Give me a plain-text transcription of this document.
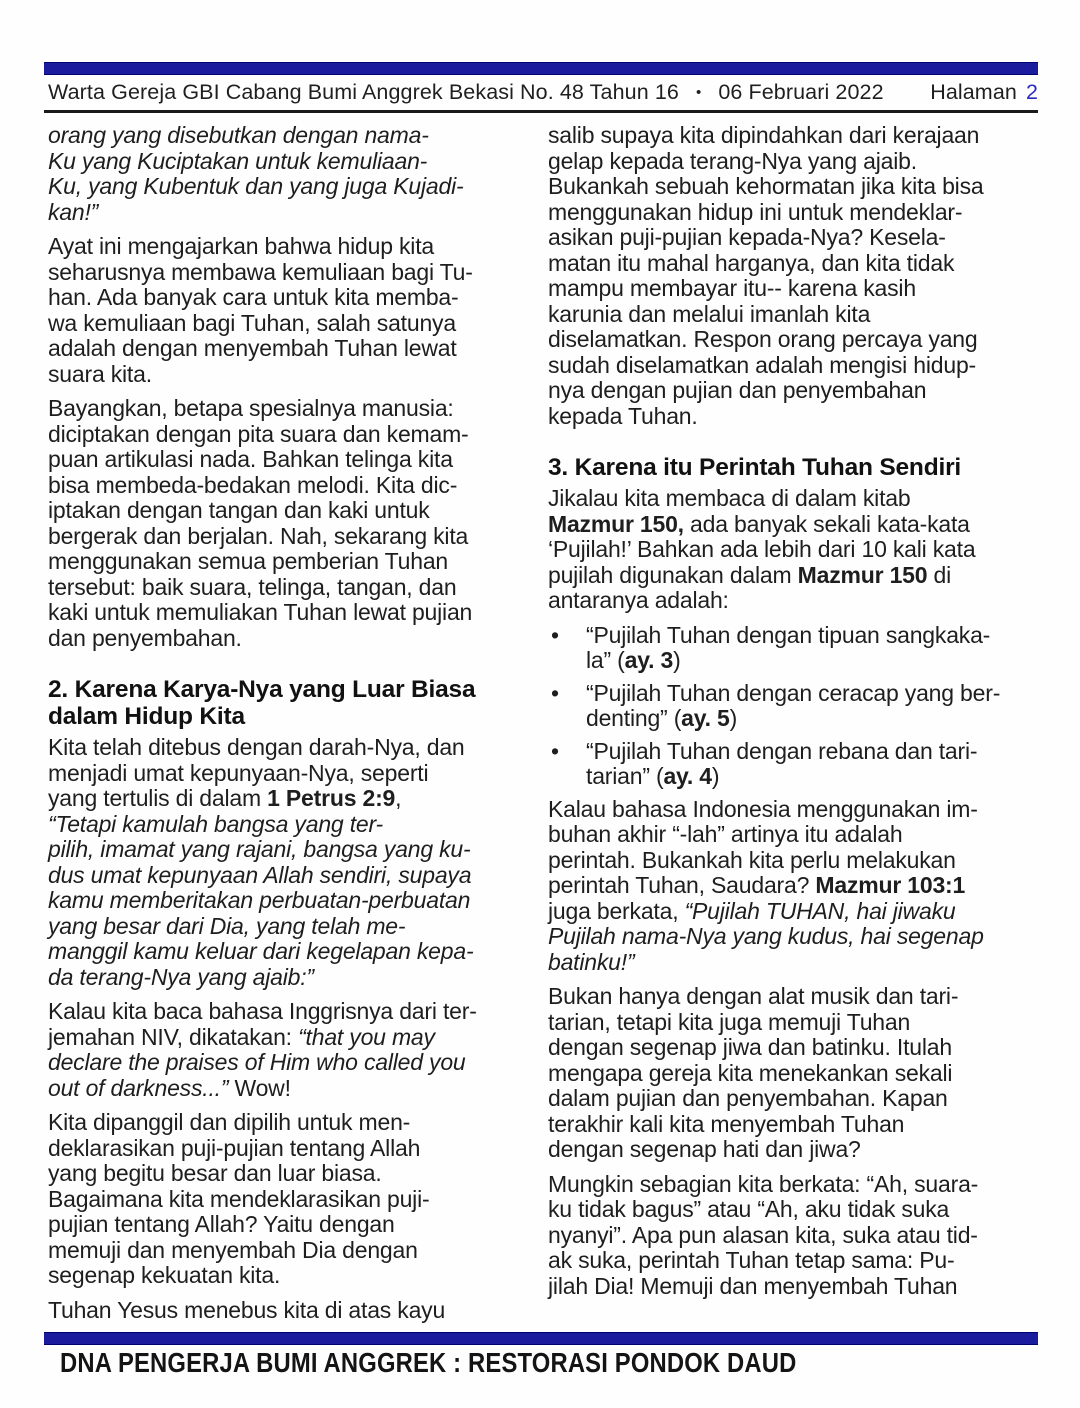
Warta Gereja GBI Cabang Bumi Anggrek Bekasi No. 48 Tahun 16 • 06 Februari 2022 Halaman 2
orang yang disebutkan dengan nama-
Ku yang Kuciptakan untuk kemuliaan-
Ku, yang Kubentuk dan yang juga Kujadi-
kan!”
Ayat ini mengajarkan bahwa hidup kita
seharusnya membawa kemuliaan bagi Tu-
han. Ada banyak cara untuk kita memba-
wa kemuliaan bagi Tuhan, salah satunya
adalah dengan menyembah Tuhan lewat
suara kita.
Bayangkan, betapa spesialnya manusia:
diciptakan dengan pita suara dan kemam-
puan artikulasi nada. Bahkan telinga kita
bisa membeda-bedakan melodi. Kita dic-
iptakan dengan tangan dan kaki untuk
bergerak dan berjalan. Nah, sekarang kita
menggunakan semua pemberian Tuhan
tersebut: baik suara, telinga, tangan, dan
kaki untuk memuliakan Tuhan lewat pujian
dan penyembahan.
2. Karena Karya-Nya yang Luar Biasa
dalam Hidup Kita
Kita telah ditebus dengan darah-Nya, dan
menjadi umat kepunyaan-Nya, seperti
yang tertulis di dalam 1 Petrus 2:9,
“Tetapi kamulah bangsa yang ter-
pilih, imamat yang rajani, bangsa yang ku-
dus umat kepunyaan Allah sendiri, supaya
kamu memberitakan perbuatan-perbuatan
yang besar dari Dia, yang telah me-
manggil kamu keluar dari kegelapan kepa-
da terang-Nya yang ajaib:”
Kalau kita baca bahasa Inggrisnya dari ter-
jemahan NIV, dikatakan: “that you may
declare the praises of Him who called you
out of darkness...” Wow!
Kita dipanggil dan dipilih untuk men-
deklarasikan puji-pujian tentang Allah
yang begitu besar dan luar biasa.
Bagaimana kita mendeklarasikan puji-
pujian tentang Allah? Yaitu dengan
memuji dan menyembah Dia dengan
segenap kekuatan kita.
Tuhan Yesus menebus kita di atas kayu
salib supaya kita dipindahkan dari kerajaan
gelap kepada terang-Nya yang ajaib.
Bukankah sebuah kehormatan jika kita bisa
menggunakan hidup ini untuk mendeklar-
asikan puji-pujian kepada-Nya? Kesela-
matan itu mahal harganya, dan kita tidak
mampu membayar itu-- karena kasih
karunia dan melalui imanlah kita
diselamatkan. Respon orang percaya yang
sudah diselamatkan adalah mengisi hidup-
nya dengan pujian dan penyembahan
kepada Tuhan.
3. Karena itu Perintah Tuhan Sendiri
Jikalau kita membaca di dalam kitab
Mazmur 150, ada banyak sekali kata-kata
‘Pujilah!’ Bahkan ada lebih dari 10 kali kata
pujilah digunakan dalam Mazmur 150 di
antaranya adalah:
•	“Pujilah Tuhan dengan tipuan sangkaka-
la” (ay. 3)
•	“Pujilah Tuhan dengan ceracap yang ber-
denting” (ay. 5)
•	“Pujilah Tuhan dengan rebana dan tari-
tarian” (ay. 4)
Kalau bahasa Indonesia menggunakan im-
buhan akhir “-lah” artinya itu adalah
perintah. Bukankah kita perlu melakukan
perintah Tuhan, Saudara? Mazmur 103:1
juga berkata, “Pujilah TUHAN, hai jiwaku
Pujilah nama-Nya yang kudus, hai segenap
batinku!”
Bukan hanya dengan alat musik dan tari-
tarian, tetapi kita juga memuji Tuhan
dengan segenap jiwa dan batinku. Itulah
mengapa gereja kita menekankan sekali
dalam pujian dan penyembahan. Kapan
terakhir kali kita menyembah Tuhan
dengan segenap hati dan jiwa?
Mungkin sebagian kita berkata: “Ah, suara-
ku tidak bagus” atau “Ah, aku tidak suka
nyanyi”. Apa pun alasan kita, suka atau tid-
ak suka, perintah Tuhan tetap sama: Pu-
jilah Dia! Memuji dan menyembah Tuhan
DNA PENGERJA BUMI ANGGREK : RESTORASI PONDOK DAUD
